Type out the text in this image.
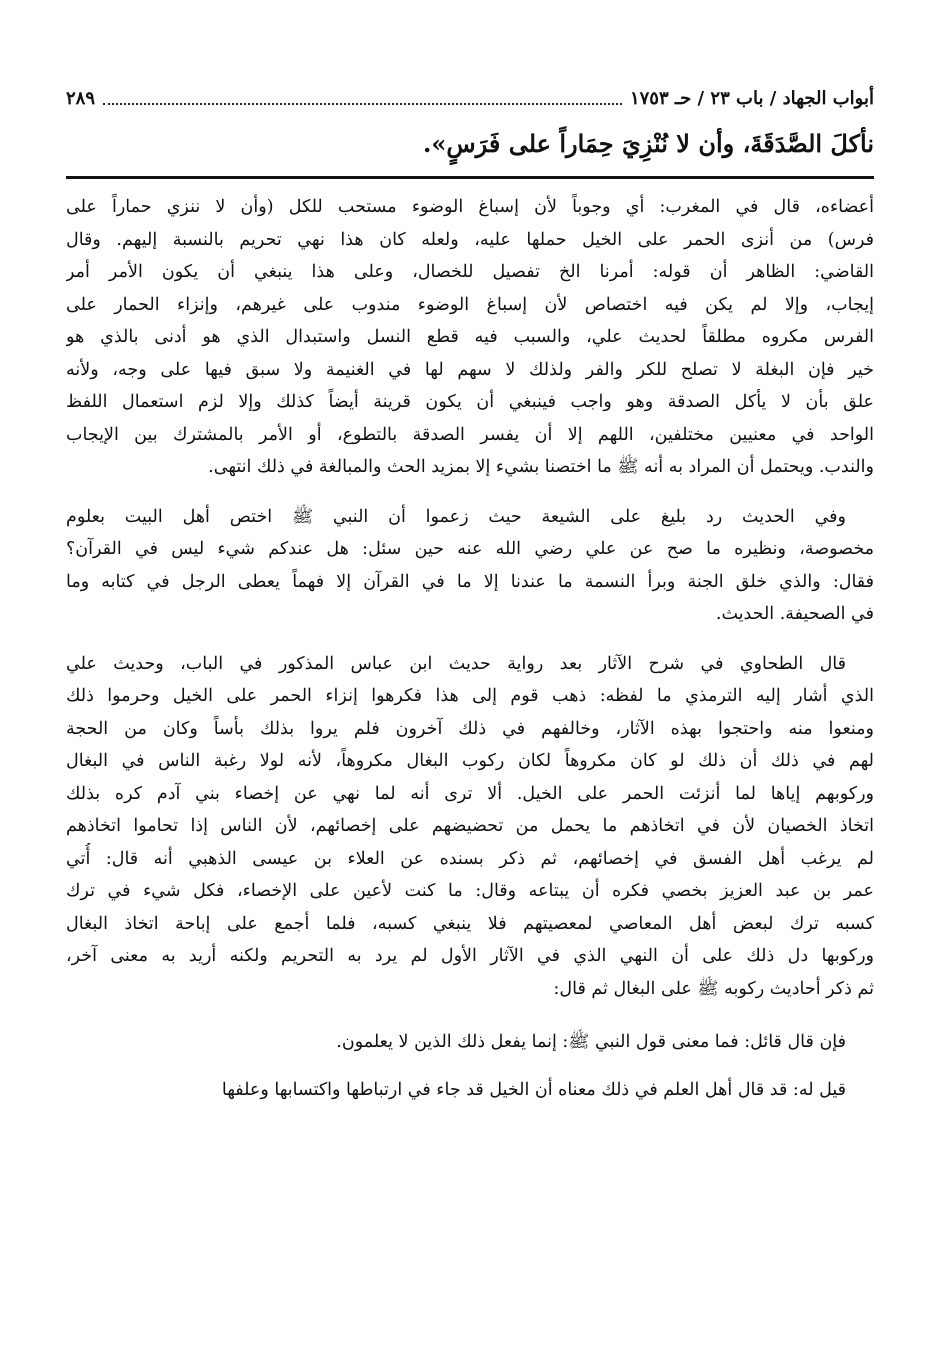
أبواب الجهاد / باب ٢٣ / حـ ١٧٥٣
٢٨٩
نأكلَ الصَّدَقَةَ، وأن لا نُنْزِيَ حِمَاراً على فَرَسٍ».
أعضاءه، قال في المغرب: أي وجوباً لأن إسباغ الوضوء مستحب للكل (وأن لا ننزي حماراً على
فرس) من أنزى الحمر على الخيل حملها عليه، ولعله كان هذا نهي تحريم بالنسبة إليهم. وقال
القاضي: الظاهر أن قوله: أمرنا الخ تفصيل للخصال، وعلى هذا ينبغي أن يكون الأمر أمر
إيجاب، وإلا لم يكن فيه اختصاص لأن إسباغ الوضوء مندوب على غيرهم، وإنزاء الحمار على
الفرس مكروه مطلقاً لحديث علي، والسبب فيه قطع النسل واستبدال الذي هو أدنى بالذي هو
خير فإن البغلة لا تصلح للكر والفر ولذلك لا سهم لها في الغنيمة ولا سبق فيها على وجه، ولأنه
علق بأن لا يأكل الصدقة وهو واجب فينبغي أن يكون قرينة أيضاً كذلك وإلا لزم استعمال اللفظ
الواحد في معنيين مختلفين، اللهم إلا أن يفسر الصدقة بالتطوع، أو الأمر بالمشترك بين الإيجاب
والندب. ويحتمل أن المراد به أنه ﷺ ما اختصنا بشيء إلا بمزيد الحث والمبالغة في ذلك انتهى.
وفي الحديث رد بليغ على الشيعة حيث زعموا أن النبي ﷺ اختص أهل البيت بعلوم
مخصوصة، ونظيره ما صح عن علي رضي الله عنه حين سئل: هل عندكم شيء ليس في القرآن؟
فقال: والذي خلق الجنة وبرأ النسمة ما عندنا إلا ما في القرآن إلا فهماً يعطى الرجل في كتابه وما
في الصحيفة. الحديث.
قال الطحاوي في شرح الآثار بعد رواية حديث ابن عباس المذكور في الباب، وحديث علي
الذي أشار إليه الترمذي ما لفظه: ذهب قوم إلى هذا فكرهوا إنزاء الحمر على الخيل وحرموا ذلك
ومنعوا منه واحتجوا بهذه الآثار، وخالفهم في ذلك آخرون فلم يروا بذلك بأساً وكان من الحجة
لهم في ذلك أن ذلك لو كان مكروهاً لكان ركوب البغال مكروهاً، لأنه لولا رغبة الناس في البغال
وركوبهم إياها لما أنزئت الحمر على الخيل. ألا ترى أنه لما نهي عن إخصاء بني آدم كره بذلك
اتخاذ الخصيان لأن في اتخاذهم ما يحمل من تحضيضهم على إخصائهم، لأن الناس إذا تحاموا اتخاذهم
لم يرغب أهل الفسق في إخصائهم، ثم ذكر بسنده عن العلاء بن عيسى الذهبي أنه قال: أُتي
عمر بن عبد العزيز بخصي فكره أن يبتاعه وقال: ما كنت لأعين على الإخصاء، فكل شيء في ترك
كسبه ترك لبعض أهل المعاصي لمعصيتهم فلا ينبغي كسبه، فلما أجمع على إباحة اتخاذ البغال
وركوبها دل ذلك على أن النهي الذي في الآثار الأول لم يرد به التحريم ولكنه أريد به معنى آخر،
ثم ذكر أحاديث ركوبه ﷺ على البغال ثم قال:
فإن قال قائل: فما معنى قول النبي ﷺ: إنما يفعل ذلك الذين لا يعلمون.
قيل له: قد قال أهل العلم في ذلك معناه أن الخيل قد جاء في ارتباطها واكتسابها وعلفها
